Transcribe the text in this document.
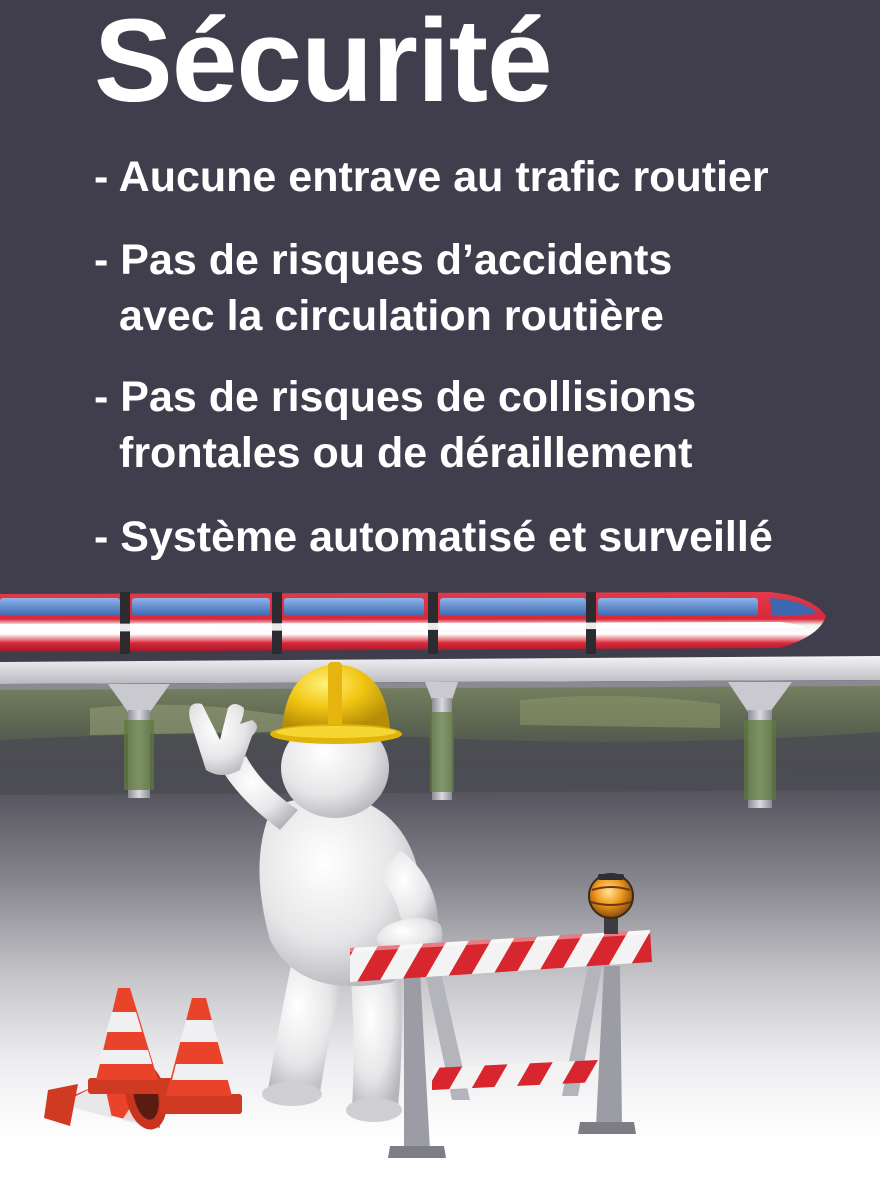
Sécurité

- Aucune entrave au trafic routier

- Pas de risques d’accidents
avec la circulation routière

- Pas de risques de collisions
frontales ou de déraillement

- Système automatisé et surveillé
